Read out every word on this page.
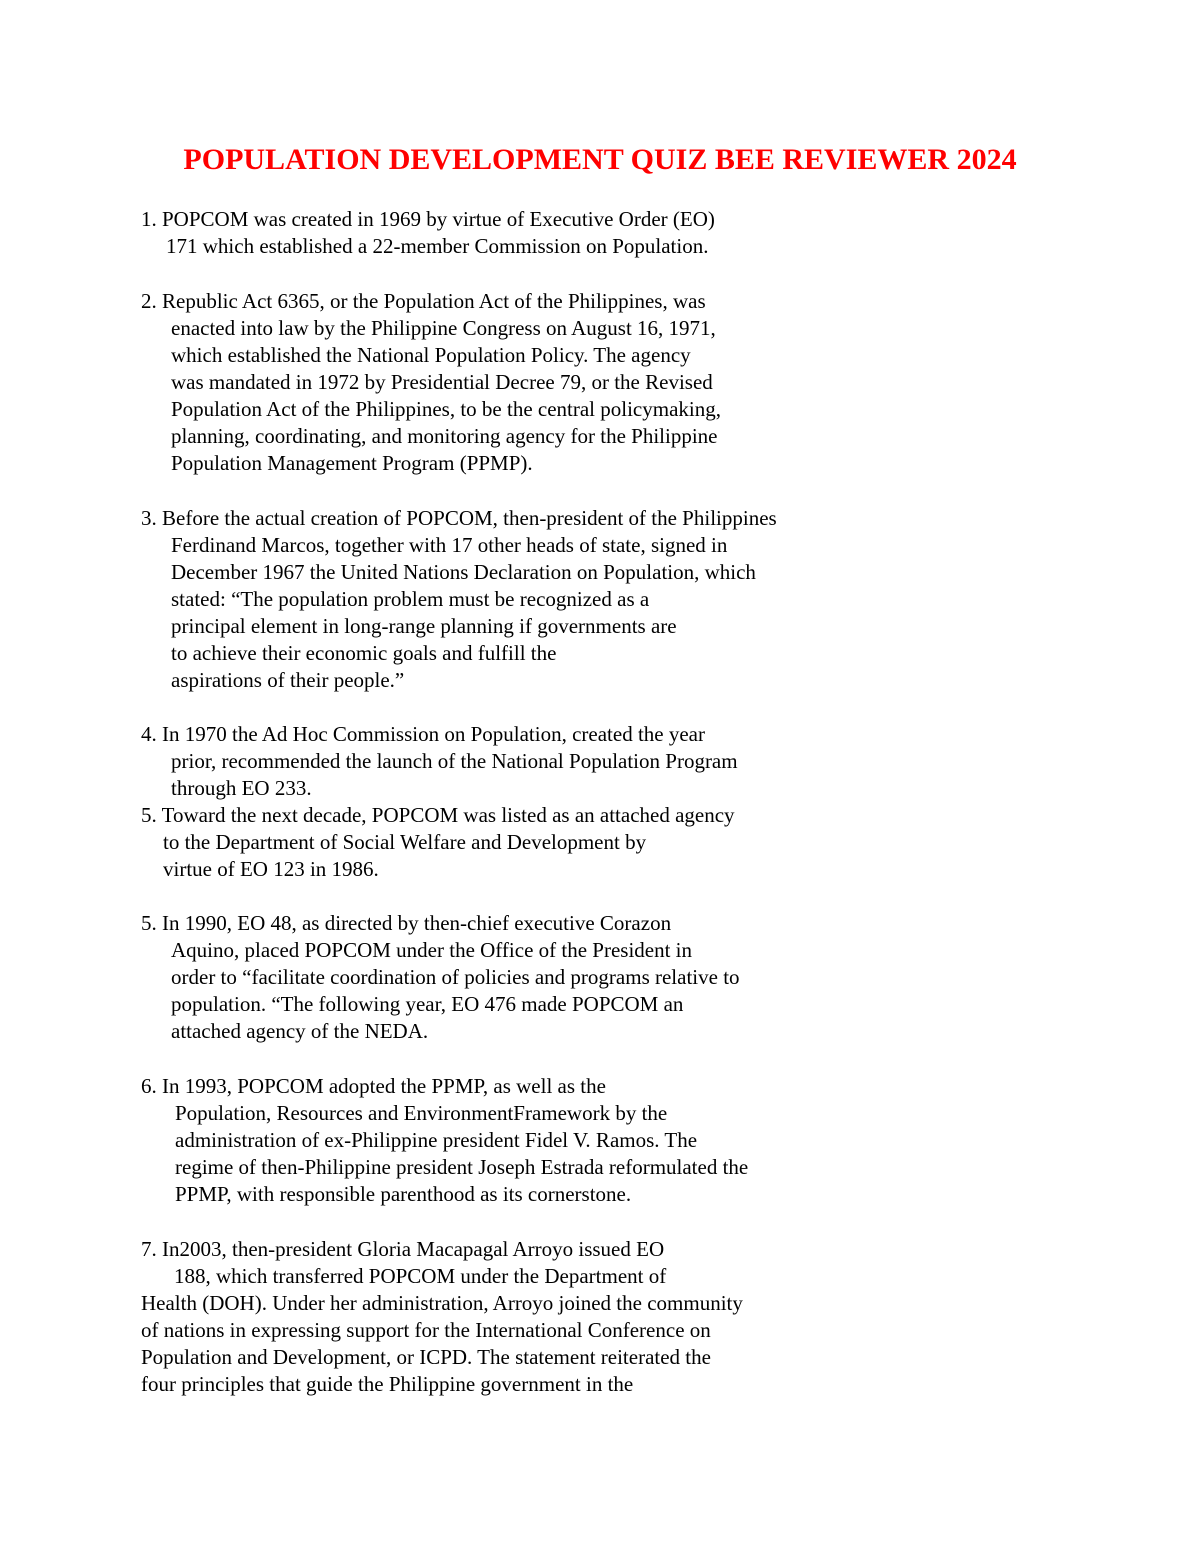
POPULATION DEVELOPMENT QUIZ BEE REVIEWER 2024
1. POPCOM was created in 1969 by virtue of Executive Order (EO)
171 which established a 22-member Commission on Population.
2. Republic Act 6365, or the Population Act of the Philippines, was
enacted into law by the Philippine Congress on August 16, 1971,
which established the National Population Policy. The agency
was mandated in 1972 by Presidential Decree 79, or the Revised
Population Act of the Philippines, to be the central policymaking,
planning, coordinating, and monitoring agency for the Philippine
Population Management Program (PPMP).
3. Before the actual creation of POPCOM, then-president of the Philippines
Ferdinand Marcos, together with 17 other heads of state, signed in
December 1967 the United Nations Declaration on Population, which
stated: “The population problem must be recognized as a
principal element in long-range planning if governments are
to achieve their economic goals and fulfill the
aspirations of their people.”
4. In 1970 the Ad Hoc Commission on Population, created the year
prior, recommended the launch of the National Population Program
through EO 233.
5. Toward the next decade, POPCOM was listed as an attached agency
to the Department of Social Welfare and Development by
virtue of EO 123 in 1986.
5. In 1990, EO 48, as directed by then-chief executive Corazon
Aquino, placed POPCOM under the Office of the President in
order to “facilitate coordination of policies and programs relative to
population. “The following year, EO 476 made POPCOM an
attached agency of the NEDA.
6. In 1993, POPCOM adopted the PPMP, as well as the
Population, Resources and EnvironmentFramework by the
administration of ex-Philippine president Fidel V. Ramos. The
regime of then-Philippine president Joseph Estrada reformulated the
PPMP, with responsible parenthood as its cornerstone.
7. In2003, then-president Gloria Macapagal Arroyo issued EO
188, which transferred POPCOM under the Department of
Health (DOH). Under her administration, Arroyo joined the community
of nations in expressing support for the International Conference on
Population and Development, or ICPD. The statement reiterated the
four principles that guide the Philippine government in the
